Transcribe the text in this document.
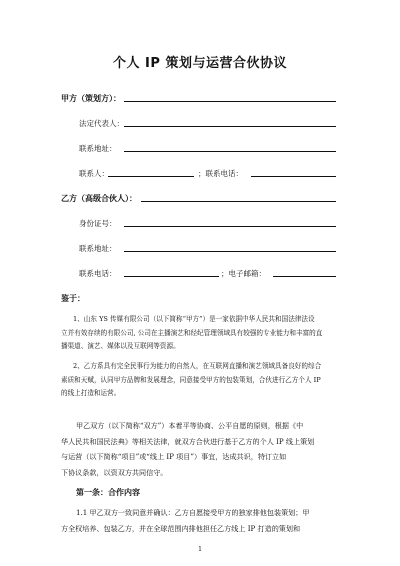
个人 IP 策划与运营合伙协议
甲方（策划方）：
法定代表人：
联系地址：
联系人：	；联系电话：
乙方（高级合伙人）：
身份证号：
联系地址：
联系电话：	；电子邮箱：
鉴于：
1、山东 YS 传媒有限公司（以下简称“甲方”）是一家依据中华人民共和国法律法设
立并有效存续的有限公司, 公司在主播演艺和经纪管理领域具有较强的专业能力和丰富的直
播渠道、演艺、媒体以及互联网等资源。
2、乙方系具有完全民事行为能力的自然人，在互联网直播和演艺领域具备良好的综合
素质和天赋，认同甲方品牌和发展理念，同意接受甲方的包装策划，合伙进行乙方个人 IP
的线上打造和运营。
甲乙双方（以下简称“双方”）本着平等协商、公平自愿的原则，根据《中
华人民共和国民法典》等相关法律，就双方合伙进行基于乙方的个人 IP 线上策划
与运营（以下简称“项目”或“线上 IP 项目”）事宜，达成共识，特订立如
下协议条款，以资双方共同信守。
第一条：合作内容
1.1 甲乙双方一致同意并确认：乙方自愿接受甲方的独家排他包装策划；甲
方全权培养、包装乙方，并在全球范围内排他担任乙方线上 IP 打造的策划和
1
